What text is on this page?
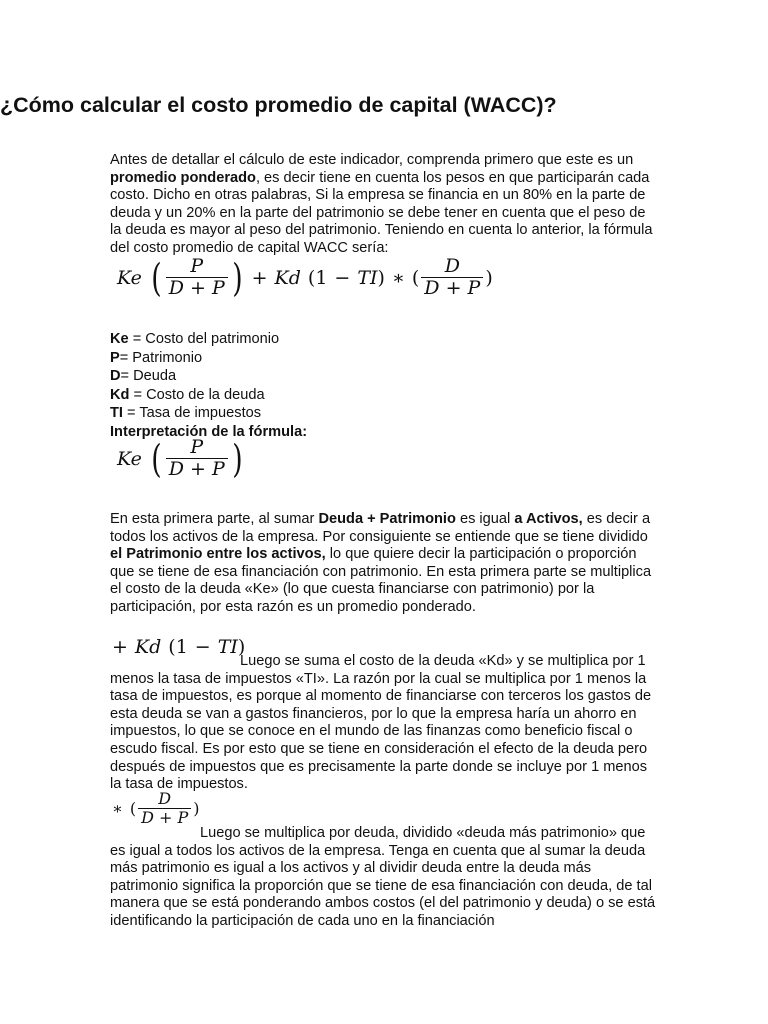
¿Cómo calcular el costo promedio de capital (WACC)?

Antes de detallar el cálculo de este indicador, comprenda primero que este es un promedio ponderado, es decir tiene en cuenta los pesos en que participarán cada costo. Dicho en otras palabras, Si la empresa se financia en un 80% en la parte de deuda y un 20% en la parte del patrimonio se debe tener en cuenta que el peso de la deuda es mayor al peso del patrimonio. Teniendo en cuenta lo anterior, la fórmula del costo promedio de capital WACC sería:

Ke = Costo del patrimonio
P= Patrimonio
D= Deuda
Kd = Costo de la deuda
TI = Tasa de impuestos
Interpretación de la fórmula:

En esta primera parte, al sumar Deuda + Patrimonio es igual a Activos, es decir a todos los activos de la empresa. Por consiguiente se entiende que se tiene dividido el Patrimonio entre los activos, lo que quiere decir la participación o proporción que se tiene de esa financiación con patrimonio. En esta primera parte se multiplica el costo de la deuda «Ke» (lo que cuesta financiarse con patrimonio) por la participación, por esta razón es un promedio ponderado.

Luego se suma el costo de la deuda «Kd» y se multiplica por 1 menos la tasa de impuestos «TI». La razón por la cual se multiplica por 1 menos la tasa de impuestos, es porque al momento de financiarse con terceros los gastos de esta deuda se van a gastos financieros, por lo que la empresa haría un ahorro en impuestos, lo que se conoce en el mundo de las finanzas como beneficio fiscal o escudo fiscal. Es por esto que se tiene en consideración el efecto de la deuda pero después de impuestos que es precisamente la parte donde se incluye por 1 menos la tasa de impuestos.

Luego se multiplica por deuda, dividido «deuda más patrimonio» que es igual a todos los activos de la empresa. Tenga en cuenta que al sumar la deuda más patrimonio es igual a los activos y al dividir deuda entre la deuda más patrimonio significa la proporción que se tiene de esa financiación con deuda, de tal manera que se está ponderando ambos costos (el del patrimonio y deuda) o se está identificando la participación de cada uno en la financiación

Ke ( $\frac{P}{D + P}$ ) + Kd ( 1 − TI ) ∗ ( $\frac{D}{D + P}$ )
Ke ( $\frac{P}{D + P}$ )
+ Kd ( 1 − TI )
∗ ( $\frac{D}{D + P}$ )
